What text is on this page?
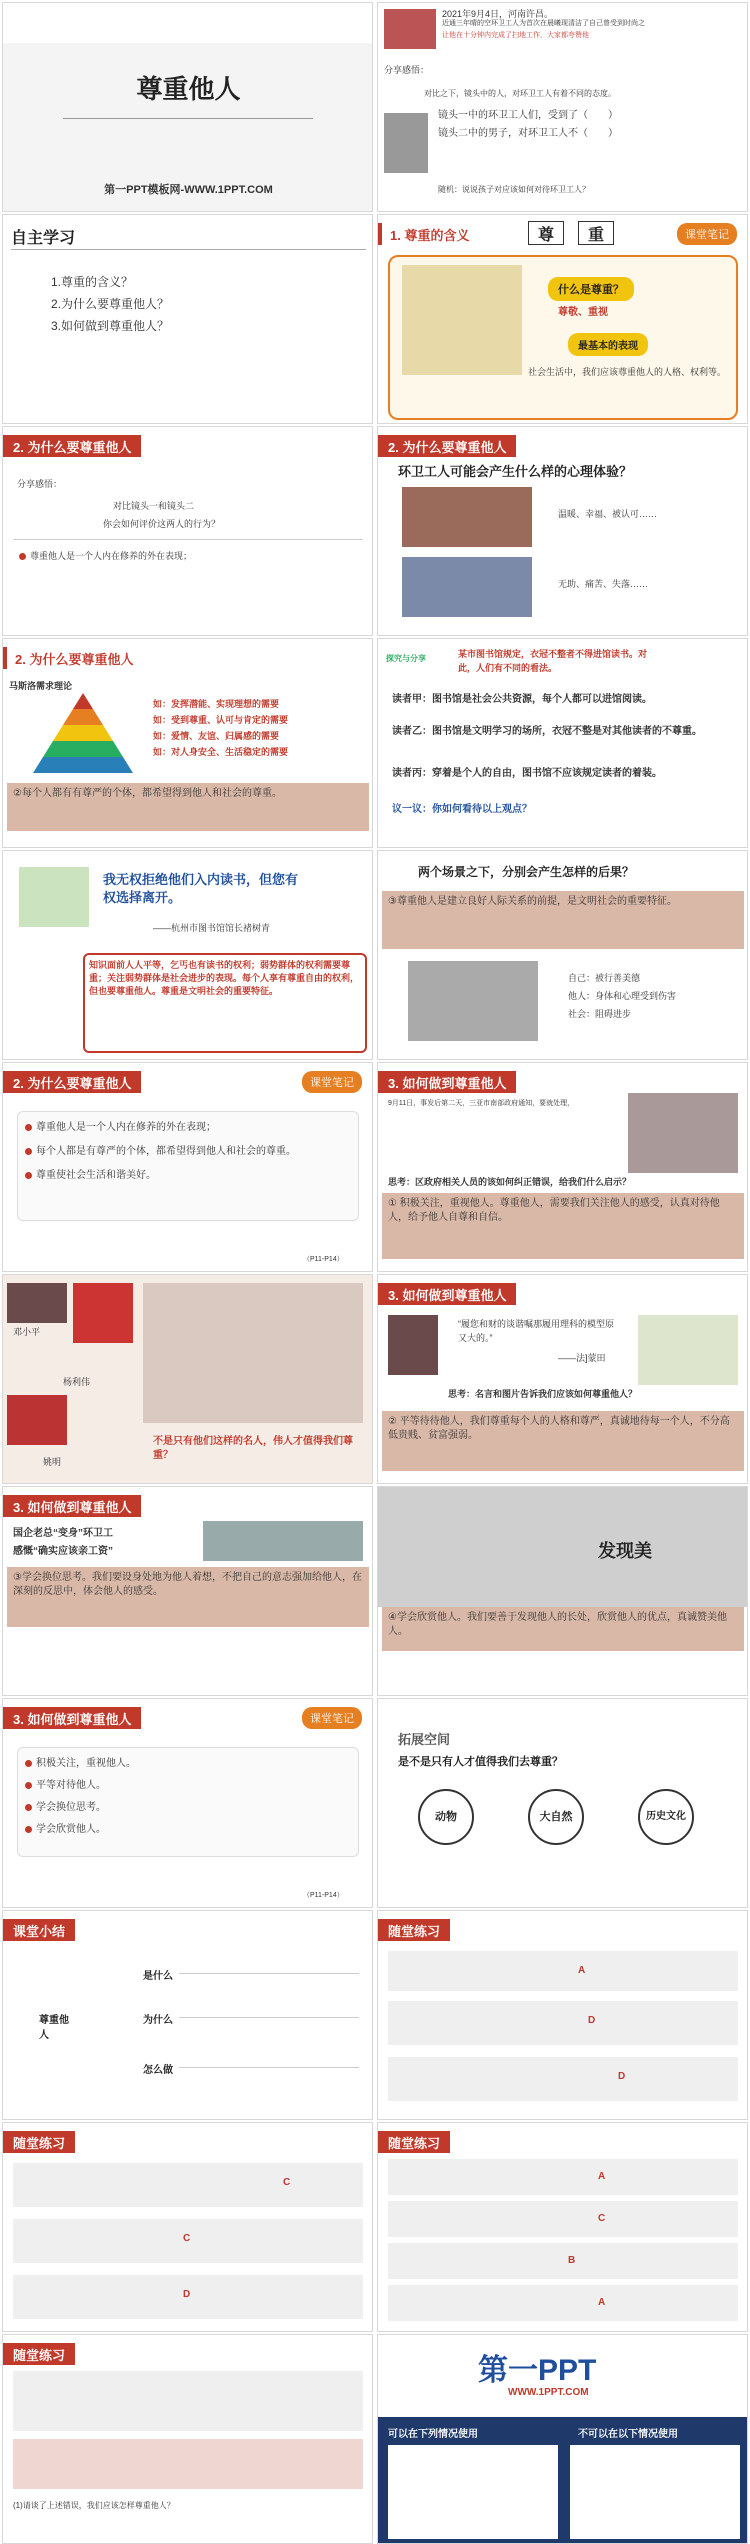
尊重他人
第一PPT模板网-WWW.1PPT.COM
2021年9月4日，河南许昌。
近通三年晴的空环卫工人为首次在晨曦现清洁了自己曾受到时尚之
让他在十分钟内完成了扫地工作，大家都夸赞他
分享感悟：
对比之下，镜头中的人，对环卫工人有着不同的态度。
镜头一中的环卫工人们，受到了（　　）
镜头二中的男子，对环卫工人不（　　）
随机：说说孩子对应该如何对待环卫工人？
自主学习
1.尊重的含义？
2.为什么要尊重他人？
3.如何做到尊重他人？
1. 尊重的含义	尊	重	课堂笔记
什么是尊重？
尊敬、重视
最基本的表现
社会生活中，我们应该尊重他人的人格、权利等。
2. 为什么要尊重他人
分享感悟：
对比镜头一和镜头二
你会如何评价这两人的行为？
尊重他人是一个人内在修养的外在表现；
2. 为什么要尊重他人
环卫工人可能会产生什么样的心理体验？
温暖、幸福、被认可……
无助、痛苦、失落……
2. 为什么要尊重他人
马斯洛需求理论
如：发挥潜能、实现理想的需要
如：受到尊重、认可与肯定的需要
如：爱情、友谊、归属感的需要
如：对人身安全、生活稳定的需要
②每个人都有有尊严的个体，都希望得到他人和社会的尊重。
探究与分享	某市图书馆规定，衣冠不整者不得进馆读书。对此，人们有不同的看法。
读者甲：图书馆是社会公共资源，每个人都可以进馆阅读。
读者乙：图书馆是文明学习的场所，衣冠不整是对其他读者的不尊重。
读者丙：穿着是个人的自由，图书馆不应该规定读者的着装。
议一议：你如何看待以上观点？
我无权拒绝他们入内读书，但您有权选择离开。
——杭州市图书馆馆长褚树青
知识面前人人平等，乞丐也有读书的权利；弱势群体的权利需要尊重；关注弱势群体是社会进步的表现。每个人享有尊重自由的权利，但也要尊重他人。尊重是文明社会的重要特征。
两个场景之下，分别会产生怎样的后果？
③尊重他人是建立良好人际关系的前提，是文明社会的重要特征。
自己：被行善美德
他人：身体和心理受到伤害
社会：阻碍进步
2. 为什么要尊重他人	课堂笔记
尊重他人是一个人内在修养的外在表现；
每个人都是有尊严的个体，都希望得到他人和社会的尊重。
尊重使社会生活和谐美好。
（P11-P14）
3. 如何做到尊重他人
9月11日，事发后第二天，三亚市南部政府通知，要就处理，
思考：区政府相关人员的该如何纠正错误，给我们什么启示？
① 积极关注，重视他人。尊重他人，需要我们关注他人的感受，认真对待他人，给予他人自尊和自信。
邓小平
杨利伟
姚明
不是只有他们这样的名人，伟人才值得我们尊重？
3. 如何做到尊重他人
“履您和财的谈谐嘱那履用理科的模型原又大的。”
——法]蒙田
思考：名言和图片告诉我们应该如何尊重他人？
② 平等待待他人，我们尊重每个人的人格和尊严，真诚地待每一个人，不分高低贵贱、贫富强弱。
3. 如何做到尊重他人
国企老总“变身”环卫工
感慨“确实应该亲工资”
③学会换位思考。我们要设身处地为他人着想，不把自己的意志强加给他人，在深刻的反思中，体会他人的感受。
发现美
④学会欣赏他人。我们要善于发现他人的长处，欣赏他人的优点，真诚赞美他人。
3. 如何做到尊重他人	课堂笔记
积极关注，重视他人。
平等对待他人。
学会换位思考。
学会欣赏他人。
（P11-P14）
拓展空间
是不是只有人才值得我们去尊重？
动物	大自然	历史文化
课堂小结
尊重他人
是什么
为什么
怎么做
随堂练习
A
D
D
随堂练习
C
C
D
随堂练习
A
C
B
A
随堂练习
(1)请谈了上述错误，我们应该怎样尊重他人？
第一PPT
WWW.1PPT.COM
可以在下列情况使用	不可以在以下情况使用
